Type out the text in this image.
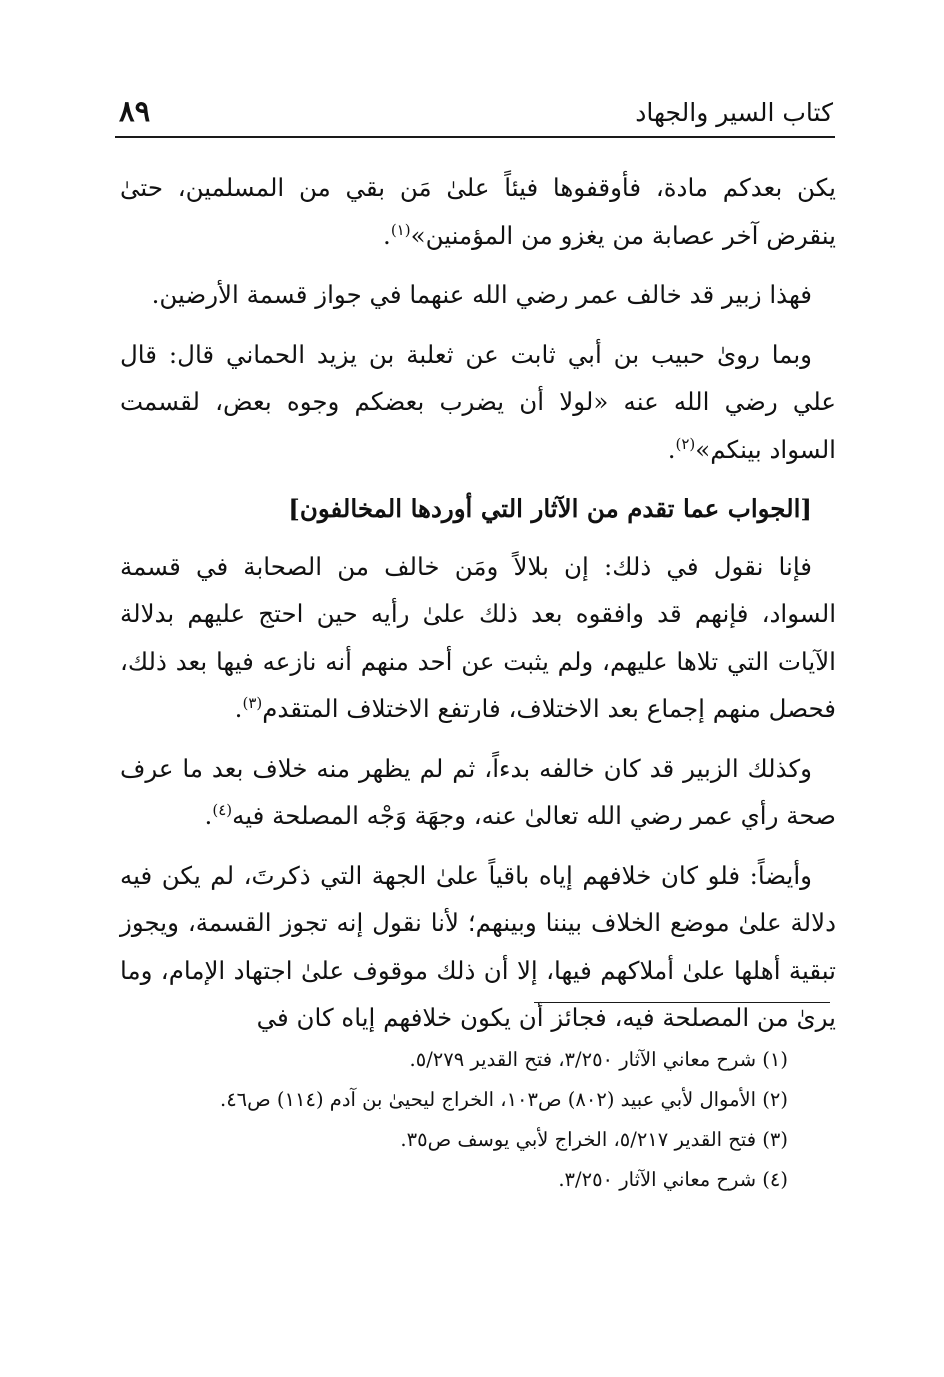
كتاب السير والجهاد
٨٩

يكن بعدكم مادة، فأوقفوها فيئاً علىٰ مَن بقي من المسلمين، حتىٰ ينقرض آخر عصابة من يغزو من المؤمنين»$^{(١)}$.

فهذا زبير قد خالف عمر رضي الله عنهما في جواز قسمة الأرضين.

وبما روىٰ حبيب بن أبي ثابت عن ثعلبة بن يزيد الحماني قال: قال علي رضي الله عنه «لولا أن يضرب بعضكم وجوه بعض، لقسمت السواد بينكم»$^{(٢)}$.

[الجواب عما تقدم من الآثار التي أوردها المخالفون]

فإنا نقول في ذلك: إن بلالاً ومَن خالف من الصحابة في قسمة السواد، فإنهم قد وافقوه بعد ذلك علىٰ رأيه حين احتج عليهم بدلالة الآيات التي تلاها عليهم، ولم يثبت عن أحد منهم أنه نازعه فيها بعد ذلك، فحصل منهم إجماع بعد الاختلاف، فارتفع الاختلاف المتقدم$^{(٣)}$.

وكذلك الزبير قد كان خالفه بدءاً، ثم لم يظهر منه خلاف بعد ما عرف صحة رأي عمر رضي الله تعالىٰ عنه، وجهَة وَجْه المصلحة فيه$^{(٤)}$.

وأيضاً: فلو كان خلافهم إياه باقياً علىٰ الجهة التي ذكرتَ، لم يكن فيه دلالة علىٰ موضع الخلاف بيننا وبينهم؛ لأنا نقول إنه تجوز القسمة، ويجوز تبقية أهلها علىٰ أملاكهم فيها، إلا أن ذلك موقوف علىٰ اجتهاد الإمام، وما يرىٰ من المصلحة فيه، فجائز أن يكون خلافهم إياه كان في

(١) شرح معاني الآثار ٣/٢٥٠، فتح القدير ٥/٢٧٩.

(٢) الأموال لأبي عبيد (٨٠٢) ص١٠٣، الخراج ليحيىٰ بن آدم (١١٤) ص٤٦.

(٣) فتح القدير ٥/٢١٧، الخراج لأبي يوسف ص٣٥.

(٤) شرح معاني الآثار ٣/٢٥٠.
